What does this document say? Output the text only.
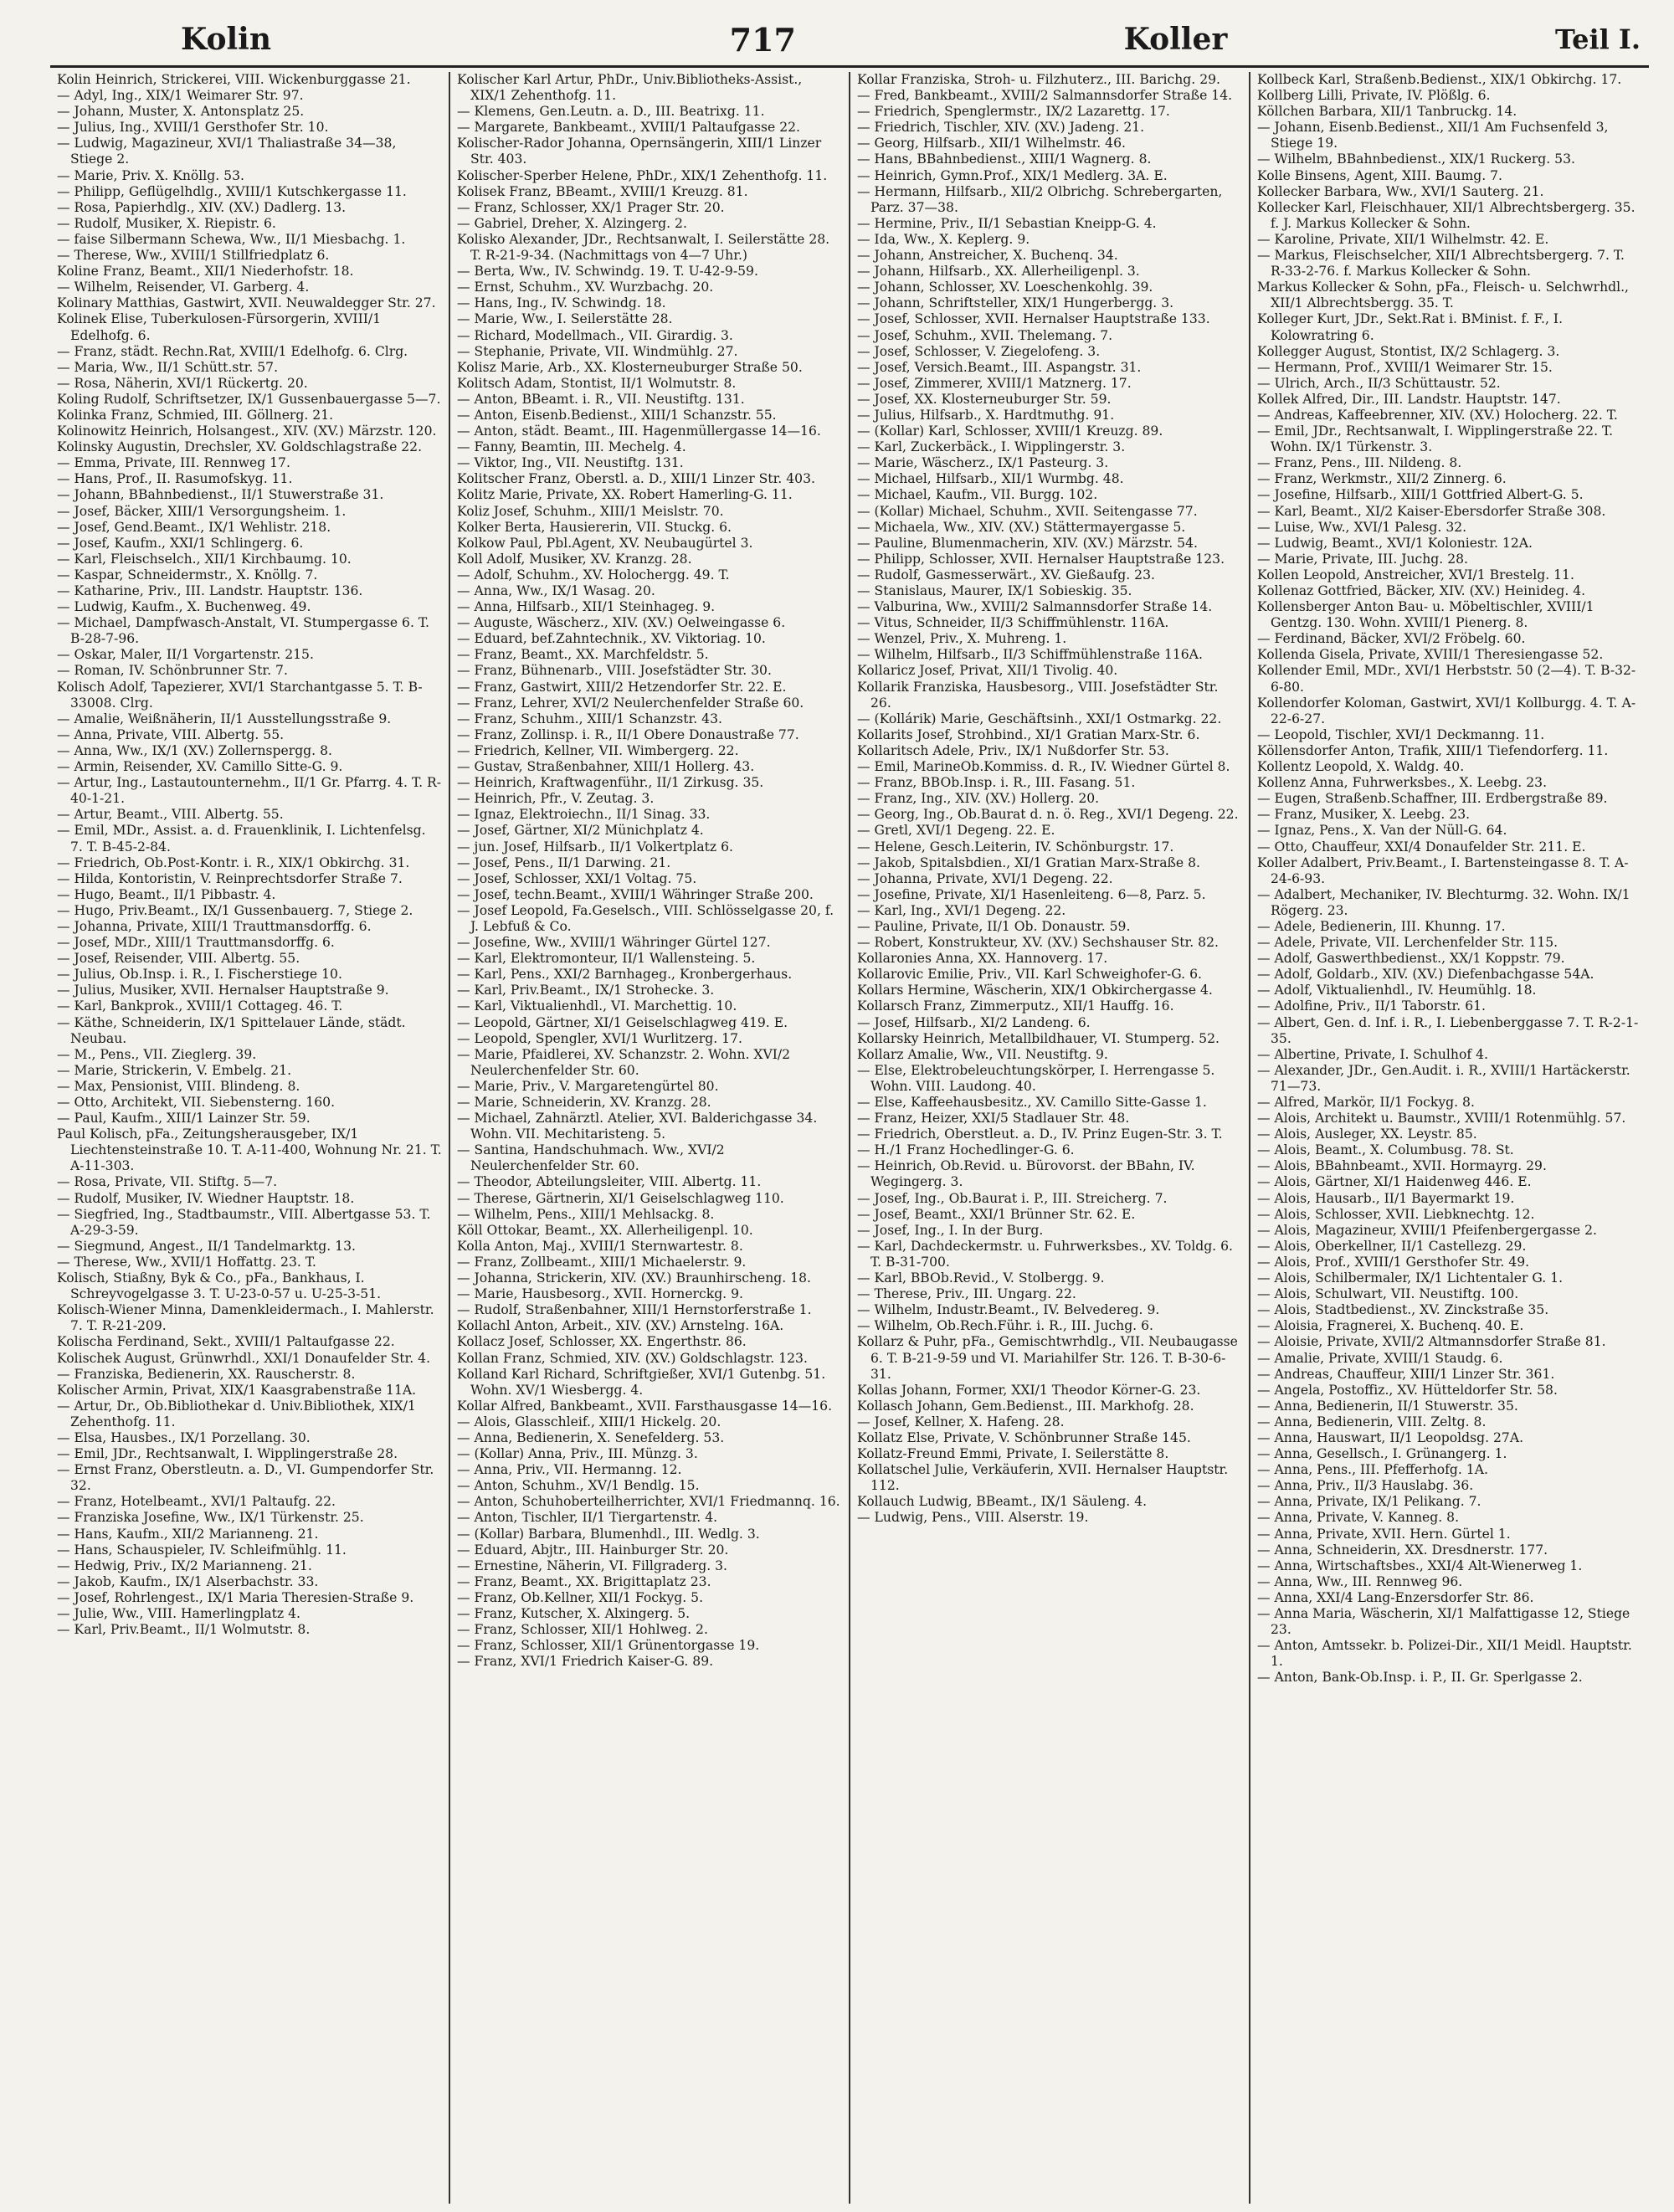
Kolin	717	Koller	Teil I.

Kolin Heinrich, Strickerei, VIII. Wickenburggasse 21.

— Adyl, Ing., XIX/1 Weimarer Str. 97.

— Johann, Muster, X. Antonsplatz 25.

— Julius, Ing., XVIII/1 Gersthofer Str. 10.

— Ludwig, Magazineur, XVI/1 Thaliastraße 34—38, Stiege 2.

— Marie, Priv. X. Knöllg. 53.

— Philipp, Geflügelhdlg., XVIII/1 Kutschkergasse 11.

— Rosa, Papierhdlg., XIV. (XV.) Dadlerg. 13.

— Rudolf, Musiker, X. Riepistr. 6.

— faise Silbermann Schewa, Ww., II/1 Miesbachg. 1.

— Therese, Ww., XVIII/1 Stillfriedplatz 6.

Koline Franz, Beamt., XII/1 Niederhofstr. 18.

— Wilhelm, Reisender, VI. Garberg. 4.

Kolinary Matthias, Gastwirt, XVII. Neuwaldegger Str. 27.

Kolinek Elise, Tuberkulosen-Fürsorgerin, XVIII/1 Edelhofg. 6.

— Franz, städt. Rechn.Rat, XVIII/1 Edelhofg. 6. Clrg.

— Maria, Ww., II/1 Schütt.str. 57.

— Rosa, Näherin, XVI/1 Rückertg. 20.

Koling Rudolf, Schriftsetzer, IX/1 Gussenbauergasse 5—7.

Kolinka Franz, Schmied, III. Göllnerg. 21.

Kolinowitz Heinrich, Holsangest., XIV. (XV.) Märzstr. 120.

Kolinsky Augustin, Drechsler, XV. Goldschlagstraße 22.

— Emma, Private, III. Rennweg 17.

— Hans, Prof., II. Rasumofskyg. 11.

— Johann, BBahnbedienst., II/1 Stuwerstraße 31.

— Josef, Bäcker, XIII/1 Versorgungsheim. 1.

— Josef, Gend.Beamt., IX/1 Wehlistr. 218.

— Josef, Kaufm., XXI/1 Schlingerg. 6.

— Karl, Fleischselch., XII/1 Kirchbaumg. 10.

— Kaspar, Schneidermstr., X. Knöllg. 7.

— Katharine, Priv., III. Landstr. Hauptstr. 136.

— Ludwig, Kaufm., X. Buchenweg. 49.

— Michael, Dampfwasch-Anstalt, VI. Stumpergasse 6. T. B-28-7-96.

— Oskar, Maler, II/1 Vorgartenstr. 215.

— Roman, IV. Schönbrunner Str. 7.

Kolisch Adolf, Tapezierer, XVI/1 Starchantgasse 5. T. B-33008. Clrg.

— Amalie, Weißnäherin, II/1 Ausstellungsstraße 9.

— Anna, Private, VIII. Albertg. 55.

— Anna, Ww., IX/1 (XV.) Zollernspergg. 8.

— Armin, Reisender, XV. Camillo Sitte-G. 9.

— Artur, Ing., Lastautounternehm., II/1 Gr. Pfarrg. 4. T. R-40-1-21.

— Artur, Beamt., VIII. Albertg. 55.

— Emil, MDr., Assist. a. d. Frauenklinik, I. Lichtenfelsg. 7. T. B-45-2-84.

— Friedrich, Ob.Post-Kontr. i. R., XIX/1 Obkirchg. 31.

— Hilda, Kontoristin, V. Reinprechtsdorfer Straße 7.

— Hugo, Beamt., II/1 Pibbastr. 4.

— Hugo, Priv.Beamt., IX/1 Gussenbauerg. 7, Stiege 2.

— Johanna, Private, XIII/1 Trauttmansdorffg. 6.

— Josef, MDr., XIII/1 Trauttmansdorffg. 6.

— Josef, Reisender, VIII. Albertg. 55.

— Julius, Ob.Insp. i. R., I. Fischerstiege 10.

— Julius, Musiker, XVII. Hernalser Hauptstraße 9.

— Karl, Bankprok., XVIII/1 Cottageg. 46. T.

— Käthe, Schneiderin, IX/1 Spittelauer Lände, städt. Neubau.

— M., Pens., VII. Zieglerg. 39.

— Marie, Strickerin, V. Embelg. 21.

— Max, Pensionist, VIII. Blindeng. 8.

— Otto, Architekt, VII. Siebensterng. 160.

— Paul, Kaufm., XIII/1 Lainzer Str. 59.

Paul Kolisch, pFa., Zeitungsherausgeber, IX/1 Liechtensteinstraße 10. T. A-11-400, Wohnung Nr. 21. T. A-11-303.

— Rosa, Private, VII. Stiftg. 5—7.

— Rudolf, Musiker, IV. Wiedner Hauptstr. 18.

— Siegfried, Ing., Stadtbaumstr., VIII. Albertgasse 53. T. A-29-3-59.

— Siegmund, Angest., II/1 Tandelmarktg. 13.

— Therese, Ww., XVII/1 Hoffattg. 23. T.

Kolisch, Stiaßny, Byk & Co., pFa., Bankhaus, I. Schreyvogelgasse 3. T. U-23-0-57 u. U-25-3-51.

Kolisch-Wiener Minna, Damenkleidermach., I. Mahlerstr. 7. T. R-21-209.

Kolischa Ferdinand, Sekt., XVIII/1 Paltaufgasse 22.

Kolischek August, Grünwrhdl., XXI/1 Donaufelder Str. 4.

— Franziska, Bedienerin, XX. Rauscherstr. 8.

Kolischer Armin, Privat, XIX/1 Kaasgrabenstraße 11A.

— Artur, Dr., Ob.Bibliothekar d. Univ.Bibliothek, XIX/1 Zehenthofg. 11.

— Elsa, Hausbes., IX/1 Porzellang. 30.

— Emil, JDr., Rechtsanwalt, I. Wipplingerstraße 28.

— Ernst Franz, Oberstleutn. a. D., VI. Gumpendorfer Str. 32.

— Franz, Hotelbeamt., XVI/1 Paltaufg. 22.

— Franziska Josefine, Ww., IX/1 Türkenstr. 25.

— Hans, Kaufm., XII/2 Marianneng. 21.

— Hans, Schauspieler, IV. Schleifmühlg. 11.

— Hedwig, Priv., IX/2 Marianneng. 21.

— Jakob, Kaufm., IX/1 Alserbachstr. 33.

— Josef, Rohrlengest., IX/1 Maria Theresien-Straße 9.

— Julie, Ww., VIII. Hamerlingplatz 4.

— Karl, Priv.Beamt., II/1 Wolmutstr. 8.

Kolischer Karl Artur, PhDr., Univ.Bibliotheks-Assist., XIX/1 Zehenthofg. 11.

— Klemens, Gen.Leutn. a. D., III. Beatrixg. 11.

— Margarete, Bankbeamt., XVIII/1 Paltaufgasse 22.

Kolischer-Rador Johanna, Opernsängerin, XIII/1 Linzer Str. 403.

Kolischer-Sperber Helene, PhDr., XIX/1 Zehenthofg. 11.

Kolisek Franz, BBeamt., XVIII/1 Kreuzg. 81.

— Franz, Schlosser, XX/1 Prager Str. 20.

— Gabriel, Dreher, X. Alzingerg. 2.

Kolisko Alexander, JDr., Rechtsanwalt, I. Seilerstätte 28. T. R-21-9-34. (Nachmittags von 4—7 Uhr.)

— Berta, Ww., IV. Schwindg. 19. T. U-42-9-59.

— Ernst, Schuhm., XV. Wurzbachg. 20.

— Hans, Ing., IV. Schwindg. 18.

— Marie, Ww., I. Seilerstätte 28.

— Richard, Modellmach., VII. Girardig. 3.

— Stephanie, Private, VII. Windmühlg. 27.

Kolisz Marie, Arb., XX. Klosterneuburger Straße 50.

Kolitsch Adam, Stontist, II/1 Wolmutstr. 8.

— Anton, BBeamt. i. R., VII. Neustiftg. 131.

— Anton, Eisenb.Bedienst., XIII/1 Schanzstr. 55.

— Anton, städt. Beamt., III. Hagenmüllergasse 14—16.

— Fanny, Beamtin, III. Mechelg. 4.

— Viktor, Ing., VII. Neustiftg. 131.

Kolitscher Franz, Oberstl. a. D., XIII/1 Linzer Str. 403.

Kolitz Marie, Private, XX. Robert Hamerling-G. 11.

Koliz Josef, Schuhm., XIII/1 Meislstr. 70.

Kolker Berta, Hausiererin, VII. Stuckg. 6.

Kolkow Paul, Pbl.Agent, XV. Neubaugürtel 3.

Koll Adolf, Musiker, XV. Kranzg. 28.

— Adolf, Schuhm., XV. Holochergg. 49. T.

— Anna, Ww., IX/1 Wasag. 20.

— Anna, Hilfsarb., XII/1 Steinhageg. 9.

— Auguste, Wäscherz., XIV. (XV.) Oelweingasse 6.

— Eduard, bef.Zahntechnik., XV. Viktoriag. 10.

— Franz, Beamt., XX. Marchfeldstr. 5.

— Franz, Bühnenarb., VIII. Josefstädter Str. 30.

— Franz, Gastwirt, XIII/2 Hetzendorfer Str. 22. E.

— Franz, Lehrer, XVI/2 Neulerchenfelder Straße 60.

— Franz, Schuhm., XIII/1 Schanzstr. 43.

— Franz, Zollinsp. i. R., II/1 Obere Donaustraße 77.

— Friedrich, Kellner, VII. Wimbergerg. 22.

— Gustav, Straßenbahner, XIII/1 Hollerg. 43.

— Heinrich, Kraftwagenführ., II/1 Zirkusg. 35.

— Heinrich, Pfr., V. Zeutag. 3.

— Ignaz, Elektroiechn., II/1 Sinag. 33.

— Josef, Gärtner, XI/2 Münichplatz 4.

— jun. Josef, Hilfsarb., II/1 Volkertplatz 6.

— Josef, Pens., II/1 Darwing. 21.

— Josef, Schlosser, XXI/1 Voltag. 75.

— Josef, techn.Beamt., XVIII/1 Währinger Straße 200.

— Josef Leopold, Fa.Geselsch., VIII. Schlösselgasse 20, f. J. Lebfuß & Co.

— Josefine, Ww., XVIII/1 Währinger Gürtel 127.

— Karl, Elektromonteur, II/1 Wallensteing. 5.

— Karl, Pens., XXI/2 Barnhageg., Kronbergerhaus.

— Karl, Priv.Beamt., IX/1 Strohecke. 3.

— Karl, Viktualienhdl., VI. Marchettig. 10.

— Leopold, Gärtner, XI/1 Geiselschlagweg 419. E.

— Leopold, Spengler, XVI/1 Wurlitzerg. 17.

— Marie, Pfaidlerei, XV. Schanzstr. 2. Wohn. XVI/2 Neulerchenfelder Str. 60.

— Marie, Priv., V. Margaretengürtel 80.

— Marie, Schneiderin, XV. Kranzg. 28.

— Michael, Zahnärztl. Atelier, XVI. Balderichgasse 34. Wohn. VII. Mechitaristeng. 5.

— Santina, Handschuhmach. Ww., XVI/2 Neulerchenfelder Str. 60.

— Theodor, Abteilungsleiter, VIII. Albertg. 11.

— Therese, Gärtnerin, XI/1 Geiselschlagweg 110.

— Wilhelm, Pens., XIII/1 Mehlsackg. 8.

Köll Ottokar, Beamt., XX. Allerheiligenpl. 10.

Kolla Anton, Maj., XVIII/1 Sternwartestr. 8.

— Franz, Zollbeamt., XIII/1 Michaelerstr. 9.

— Johanna, Strickerin, XIV. (XV.) Braunhirscheng. 18.

— Marie, Hausbesorg., XVII. Hornerckg. 9.

— Rudolf, Straßenbahner, XIII/1 Hernstorferstraße 1.

Kollachl Anton, Arbeit., XIV. (XV.) Arnstelng. 16A.

Kollacz Josef, Schlosser, XX. Engerthstr. 86.

Kollan Franz, Schmied, XIV. (XV.) Goldschlagstr. 123.

Kolland Karl Richard, Schriftgießer, XVI/1 Gutenbg. 51. Wohn. XV/1 Wiesbergg. 4.

Kollar Alfred, Bankbeamt., XVII. Farsthausgasse 14—16.

— Alois, Glasschleif., XIII/1 Hickelg. 20.

— Anna, Bedienerin, X. Senefelderg. 53.

— (Kollar) Anna, Priv., III. Münzg. 3.

— Anna, Priv., VII. Hermanng. 12.

— Anton, Schuhm., XV/1 Bendlg. 15.

— Anton, Schuhoberteilherrichter, XVI/1 Friedmannq. 16.

— Anton, Tischler, II/1 Tiergartenstr. 4.

— (Kollar) Barbara, Blumenhdl., III. Wedlg. 3.

— Eduard, Abjtr., III. Hainburger Str. 20.

— Ernestine, Näherin, VI. Fillgraderg. 3.

— Franz, Beamt., XX. Brigittaplatz 23.

— Franz, Ob.Kellner, XII/1 Fockyg. 5.

— Franz, Kutscher, X. Alxingerg. 5.

— Franz, Schlosser, XII/1 Hohlweg. 2.

— Franz, Schlosser, XII/1 Grünentorgasse 19.

— Franz, XVI/1 Friedrich Kaiser-G. 89.

Kollar Franziska, Stroh- u. Filzhuterz., III. Barichg. 29.

— Fred, Bankbeamt., XVIII/2 Salmannsdorfer Straße 14.

— Friedrich, Spenglermstr., IX/2 Lazarettg. 17.

— Friedrich, Tischler, XIV. (XV.) Jadeng. 21.

— Georg, Hilfsarb., XII/1 Wilhelmstr. 46.

— Hans, BBahnbedienst., XIII/1 Wagnerg. 8.

— Heinrich, Gymn.Prof., XIX/1 Medlerg. 3A. E.

— Hermann, Hilfsarb., XII/2 Olbrichg. Schrebergarten, Parz. 37—38.

— Hermine, Priv., II/1 Sebastian Kneipp-G. 4.

— Ida, Ww., X. Keplerg. 9.

— Johann, Anstreicher, X. Buchenq. 34.

— Johann, Hilfsarb., XX. Allerheiligenpl. 3.

— Johann, Schlosser, XV. Loeschenkohlg. 39.

— Johann, Schriftsteller, XIX/1 Hungerbergg. 3.

— Josef, Schlosser, XVII. Hernalser Hauptstraße 133.

— Josef, Schuhm., XVII. Thelemang. 7.

— Josef, Schlosser, V. Ziegelofeng. 3.

— Josef, Versich.Beamt., III. Aspangstr. 31.

— Josef, Zimmerer, XVIII/1 Matznerg. 17.

— Josef, XX. Klosterneuburger Str. 59.

— Julius, Hilfsarb., X. Hardtmuthg. 91.

— (Kollar) Karl, Schlosser, XVIII/1 Kreuzg. 89.

— Karl, Zuckerbäck., I. Wipplingerstr. 3.

— Marie, Wäscherz., IX/1 Pasteurg. 3.

— Michael, Hilfsarb., XII/1 Wurmbg. 48.

— Michael, Kaufm., VII. Burgg. 102.

— (Kollar) Michael, Schuhm., XVII. Seitengasse 77.

— Michaela, Ww., XIV. (XV.) Stättermayergasse 5.

— Pauline, Blumenmacherin, XIV. (XV.) Märzstr. 54.

— Philipp, Schlosser, XVII. Hernalser Hauptstraße 123.

— Rudolf, Gasmesserwärt., XV. Gießaufg. 23.

— Stanislaus, Maurer, IX/1 Sobieskig. 35.

— Valburina, Ww., XVIII/2 Salmannsdorfer Straße 14.

— Vitus, Schneider, II/3 Schiffmühlenstr. 116A.

— Wenzel, Priv., X. Muhreng. 1.

— Wilhelm, Hilfsarb., II/3 Schiffmühlenstraße 116A.

Kollaricz Josef, Privat, XII/1 Tivolig. 40.

Kollarik Franziska, Hausbesorg., VIII. Josefstädter Str. 26.

— (Kollárik) Marie, Geschäftsinh., XXI/1 Ostmarkg. 22.

Kollarits Josef, Strohbind., XI/1 Gratian Marx-Str. 6.

Kollaritsch Adele, Priv., IX/1 Nußdorfer Str. 53.

— Emil, MarineOb.Kommiss. d. R., IV. Wiedner Gürtel 8.

— Franz, BBOb.Insp. i. R., III. Fasang. 51.

— Franz, Ing., XIV. (XV.) Hollerg. 20.

— Georg, Ing., Ob.Baurat d. n. ö. Reg., XVI/1 Degeng. 22.

— Gretl, XVI/1 Degeng. 22. E.

— Helene, Gesch.Leiterin, IV. Schönburgstr. 17.

— Jakob, Spitalsbdien., XI/1 Gratian Marx-Straße 8.

— Johanna, Private, XVI/1 Degeng. 22.

— Josefine, Private, XI/1 Hasenleiteng. 6—8, Parz. 5.

— Karl, Ing., XVI/1 Degeng. 22.

— Pauline, Private, II/1 Ob. Donaustr. 59.

— Robert, Konstrukteur, XV. (XV.) Sechshauser Str. 82.

Kollaronies Anna, XX. Hannoverg. 17.

Kollarovic Emilie, Priv., VII. Karl Schweighofer-G. 6.

Kollars Hermine, Wäscherin, XIX/1 Obkirchergasse 4.

Kollarsch Franz, Zimmerputz., XII/1 Hauffg. 16.

— Josef, Hilfsarb., XI/2 Landeng. 6.

Kollarsky Heinrich, Metallbildhauer, VI. Stumperg. 52.

Kollarz Amalie, Ww., VII. Neustiftg. 9.

— Else, Elektrobeleuchtungskörper, I. Herrengasse 5. Wohn. VIII. Laudong. 40.

— Else, Kaffeehausbesitz., XV. Camillo Sitte-Gasse 1.

— Franz, Heizer, XXI/5 Stadlauer Str. 48.

— Friedrich, Oberstleut. a. D., IV. Prinz Eugen-Str. 3. T.

— H./1 Franz Hochedlinger-G. 6.

— Heinrich, Ob.Revid. u. Bürovorst. der BBahn, IV. Wegingerg. 3.

— Josef, Ing., Ob.Baurat i. P., III. Streicherg. 7.

— Josef, Beamt., XXI/1 Brünner Str. 62. E.

— Josef, Ing., I. In der Burg.

— Karl, Dachdeckermstr. u. Fuhrwerksbes., XV. Toldg. 6. T. B-31-700.

— Karl, BBOb.Revid., V. Stolbergg. 9.

— Therese, Priv., III. Ungarg. 22.

— Wilhelm, Industr.Beamt., IV. Belvedereg. 9.

— Wilhelm, Ob.Rech.Führ. i. R., III. Juchg. 6.

Kollarz & Puhr, pFa., Gemischtwrhdlg., VII. Neubaugasse 6. T. B-21-9-59 und VI. Mariahilfer Str. 126. T. B-30-6-31.

Kollas Johann, Former, XXI/1 Theodor Körner-G. 23.

Kollasch Johann, Gem.Bedienst., III. Markhofg. 28.

— Josef, Kellner, X. Hafeng. 28.

Kollatz Else, Private, V. Schönbrunner Straße 145.

Kollatz-Freund Emmi, Private, I. Seilerstätte 8.

Kollatschel Julie, Verkäuferin, XVII. Hernalser Hauptstr. 112.

Kollauch Ludwig, BBeamt., IX/1 Säuleng. 4.

— Ludwig, Pens., VIII. Alserstr. 19.

Kollbeck Karl, Straßenb.Bedienst., XIX/1 Obkirchg. 17.

Kollberg Lilli, Private, IV. Plößlg. 6.

Köllchen Barbara, XII/1 Tanbruckg. 14.

— Johann, Eisenb.Bedienst., XII/1 Am Fuchsenfeld 3, Stiege 19.

— Wilhelm, BBahnbedienst., XIX/1 Ruckerg. 53.

Kolle Binsens, Agent, XIII. Baumg. 7.

Kollecker Barbara, Ww., XVI/1 Sauterg. 21.

Kollecker Karl, Fleischhauer, XII/1 Albrechtsbergerg. 35. f. J. Markus Kollecker & Sohn.

— Karoline, Private, XII/1 Wilhelmstr. 42. E.

— Markus, Fleischselcher, XII/1 Albrechtsbergerg. 7. T. R-33-2-76. f. Markus Kollecker & Sohn.

Markus Kollecker & Sohn, pFa., Fleisch- u. Selchwrhdl., XII/1 Albrechtsbergg. 35. T.

Kolleger Kurt, JDr., Sekt.Rat i. BMinist. f. F., I. Kolowratring 6.

Kollegger August, Stontist, IX/2 Schlagerg. 3.

— Hermann, Prof., XVIII/1 Weimarer Str. 15.

— Ulrich, Arch., II/3 Schüttaustr. 52.

Kollek Alfred, Dir., III. Landstr. Hauptstr. 147.

— Andreas, Kaffeebrenner, XIV. (XV.) Holocherg. 22. T.

— Emil, JDr., Rechtsanwalt, I. Wipplingerstraße 22. T. Wohn. IX/1 Türkenstr. 3.

— Franz, Pens., III. Nildeng. 8.

— Franz, Werkmstr., XII/2 Zinnerg. 6.

— Josefine, Hilfsarb., XIII/1 Gottfried Albert-G. 5.

— Karl, Beamt., XI/2 Kaiser-Ebersdorfer Straße 308.

— Luise, Ww., XVI/1 Palesg. 32.

— Ludwig, Beamt., XVI/1 Koloniestr. 12A.

— Marie, Private, III. Juchg. 28.

Kollen Leopold, Anstreicher, XVI/1 Brestelg. 11.

Kollenaz Gottfried, Bäcker, XIV. (XV.) Heinideg. 4.

Kollensberger Anton Bau- u. Möbeltischler, XVIII/1 Gentzg. 130. Wohn. XVIII/1 Pienerg. 8.

— Ferdinand, Bäcker, XVI/2 Fröbelg. 60.

Kollenda Gisela, Private, XVIII/1 Theresiengasse 52.

Kollender Emil, MDr., XVI/1 Herbststr. 50 (2—4). T. B-32-6-80.

Kollendorfer Koloman, Gastwirt, XVI/1 Kollburgg. 4. T. A-22-6-27.

— Leopold, Tischler, XVI/1 Deckmanng. 11.

Köllensdorfer Anton, Trafik, XIII/1 Tiefendorferg. 11.

Kollentz Leopold, X. Waldg. 40.

Kollenz Anna, Fuhrwerksbes., X. Leebg. 23.

— Eugen, Straßenb.Schaffner, III. Erdbergstraße 89.

— Franz, Musiker, X. Leebg. 23.

— Ignaz, Pens., X. Van der Nüll-G. 64.

— Otto, Chauffeur, XXI/4 Donaufelder Str. 211. E.

Koller Adalbert, Priv.Beamt., I. Bartensteingasse 8. T. A-24-6-93.

— Adalbert, Mechaniker, IV. Blechturmg. 32. Wohn. IX/1 Rögerg. 23.

— Adele, Bedienerin, III. Khunng. 17.

— Adele, Private, VII. Lerchenfelder Str. 115.

— Adolf, Gaswerthbedienst., XX/1 Koppstr. 79.

— Adolf, Goldarb., XIV. (XV.) Diefenbachgasse 54A.

— Adolf, Viktualienhdl., IV. Heumühlg. 18.

— Adolfine, Priv., II/1 Taborstr. 61.

— Albert, Gen. d. Inf. i. R., I. Liebenberggasse 7. T. R-2-1-35.

— Albertine, Private, I. Schulhof 4.

— Alexander, JDr., Gen.Audit. i. R., XVIII/1 Hartäckerstr. 71—73.

— Alfred, Markör, II/1 Fockyg. 8.

— Alois, Architekt u. Baumstr., XVIII/1 Rotenmühlg. 57.

— Alois, Ausleger, XX. Leystr. 85.

— Alois, Beamt., X. Columbusg. 78. St.

— Alois, BBahnbeamt., XVII. Hormayrg. 29.

— Alois, Gärtner, XI/1 Haidenweg 446. E.

— Alois, Hausarb., II/1 Bayermarkt 19.

— Alois, Schlosser, XVII. Liebknechtg. 12.

— Alois, Magazineur, XVIII/1 Pfeifenbergergasse 2.

— Alois, Oberkellner, II/1 Castellezg. 29.

— Alois, Prof., XVIII/1 Gersthofer Str. 49.

— Alois, Schilbermaler, IX/1 Lichtentaler G. 1.

— Alois, Schulwart, VII. Neustiftg. 100.

— Alois, Stadtbedienst., XV. Zinckstraße 35.

— Aloisia, Fragnerei, X. Buchenq. 40. E.

— Aloisie, Private, XVII/2 Altmannsdorfer Straße 81.

— Amalie, Private, XVIII/1 Staudg. 6.

— Andreas, Chauffeur, XIII/1 Linzer Str. 361.

— Angela, Postoffiz., XV. Hütteldorfer Str. 58.

— Anna, Bedienerin, II/1 Stuwerstr. 35.

— Anna, Bedienerin, VIII. Zeltg. 8.

— Anna, Hauswart, II/1 Leopoldsg. 27A.

— Anna, Gesellsch., I. Grünangerg. 1.

— Anna, Pens., III. Pfefferhofg. 1A.

— Anna, Priv., II/3 Hauslabg. 36.

— Anna, Private, IX/1 Pelikang. 7.

— Anna, Private, V. Kanneg. 8.

— Anna, Private, XVII. Hern. Gürtel 1.

— Anna, Schneiderin, XX. Dresdnerstr. 177.

— Anna, Wirtschaftsbes., XXI/4 Alt-Wienerweg 1.

— Anna, Ww., III. Rennweg 96.

— Anna, XXI/4 Lang-Enzersdorfer Str. 86.

— Anna Maria, Wäscherin, XI/1 Malfattigasse 12, Stiege 23.

— Anton, Amtssekr. b. Polizei-Dir., XII/1 Meidl. Hauptstr. 1.

— Anton, Bank-Ob.Insp. i. P., II. Gr. Sperlgasse 2.
